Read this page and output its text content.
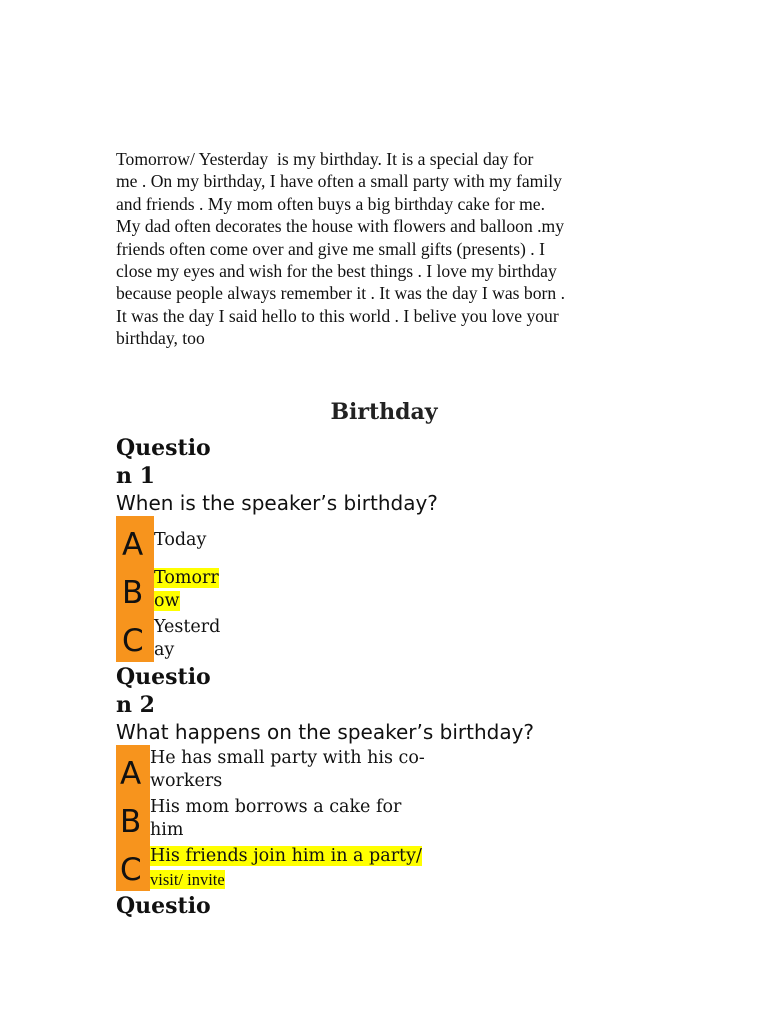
Tomorrow/ Yesterday  is my birthday. It is a special day for
me . On my birthday, I have often a small party with my family
and friends . My mom often buys a big birthday cake for me.
My dad often decorates the house with flowers and balloon .my
friends often come over and give me small gifts (presents) . I
close my eyes and wish for the best things . I love my birthday
because people always remember it . It was the day I was born .
It was the day I said hello to this world . I belive you love your
birthday, too
Birthday
Questio
n 1
When is the speaker’s birthday?
A
B
C
Today
Tomorr
ow
Yesterd
ay
Questio
n 2
What happens on the speaker’s birthday?
A
B
C
He has small party with his co-
workers
His mom borrows a cake for
him
His friends join him in a party/
visit/ invite
Questio
